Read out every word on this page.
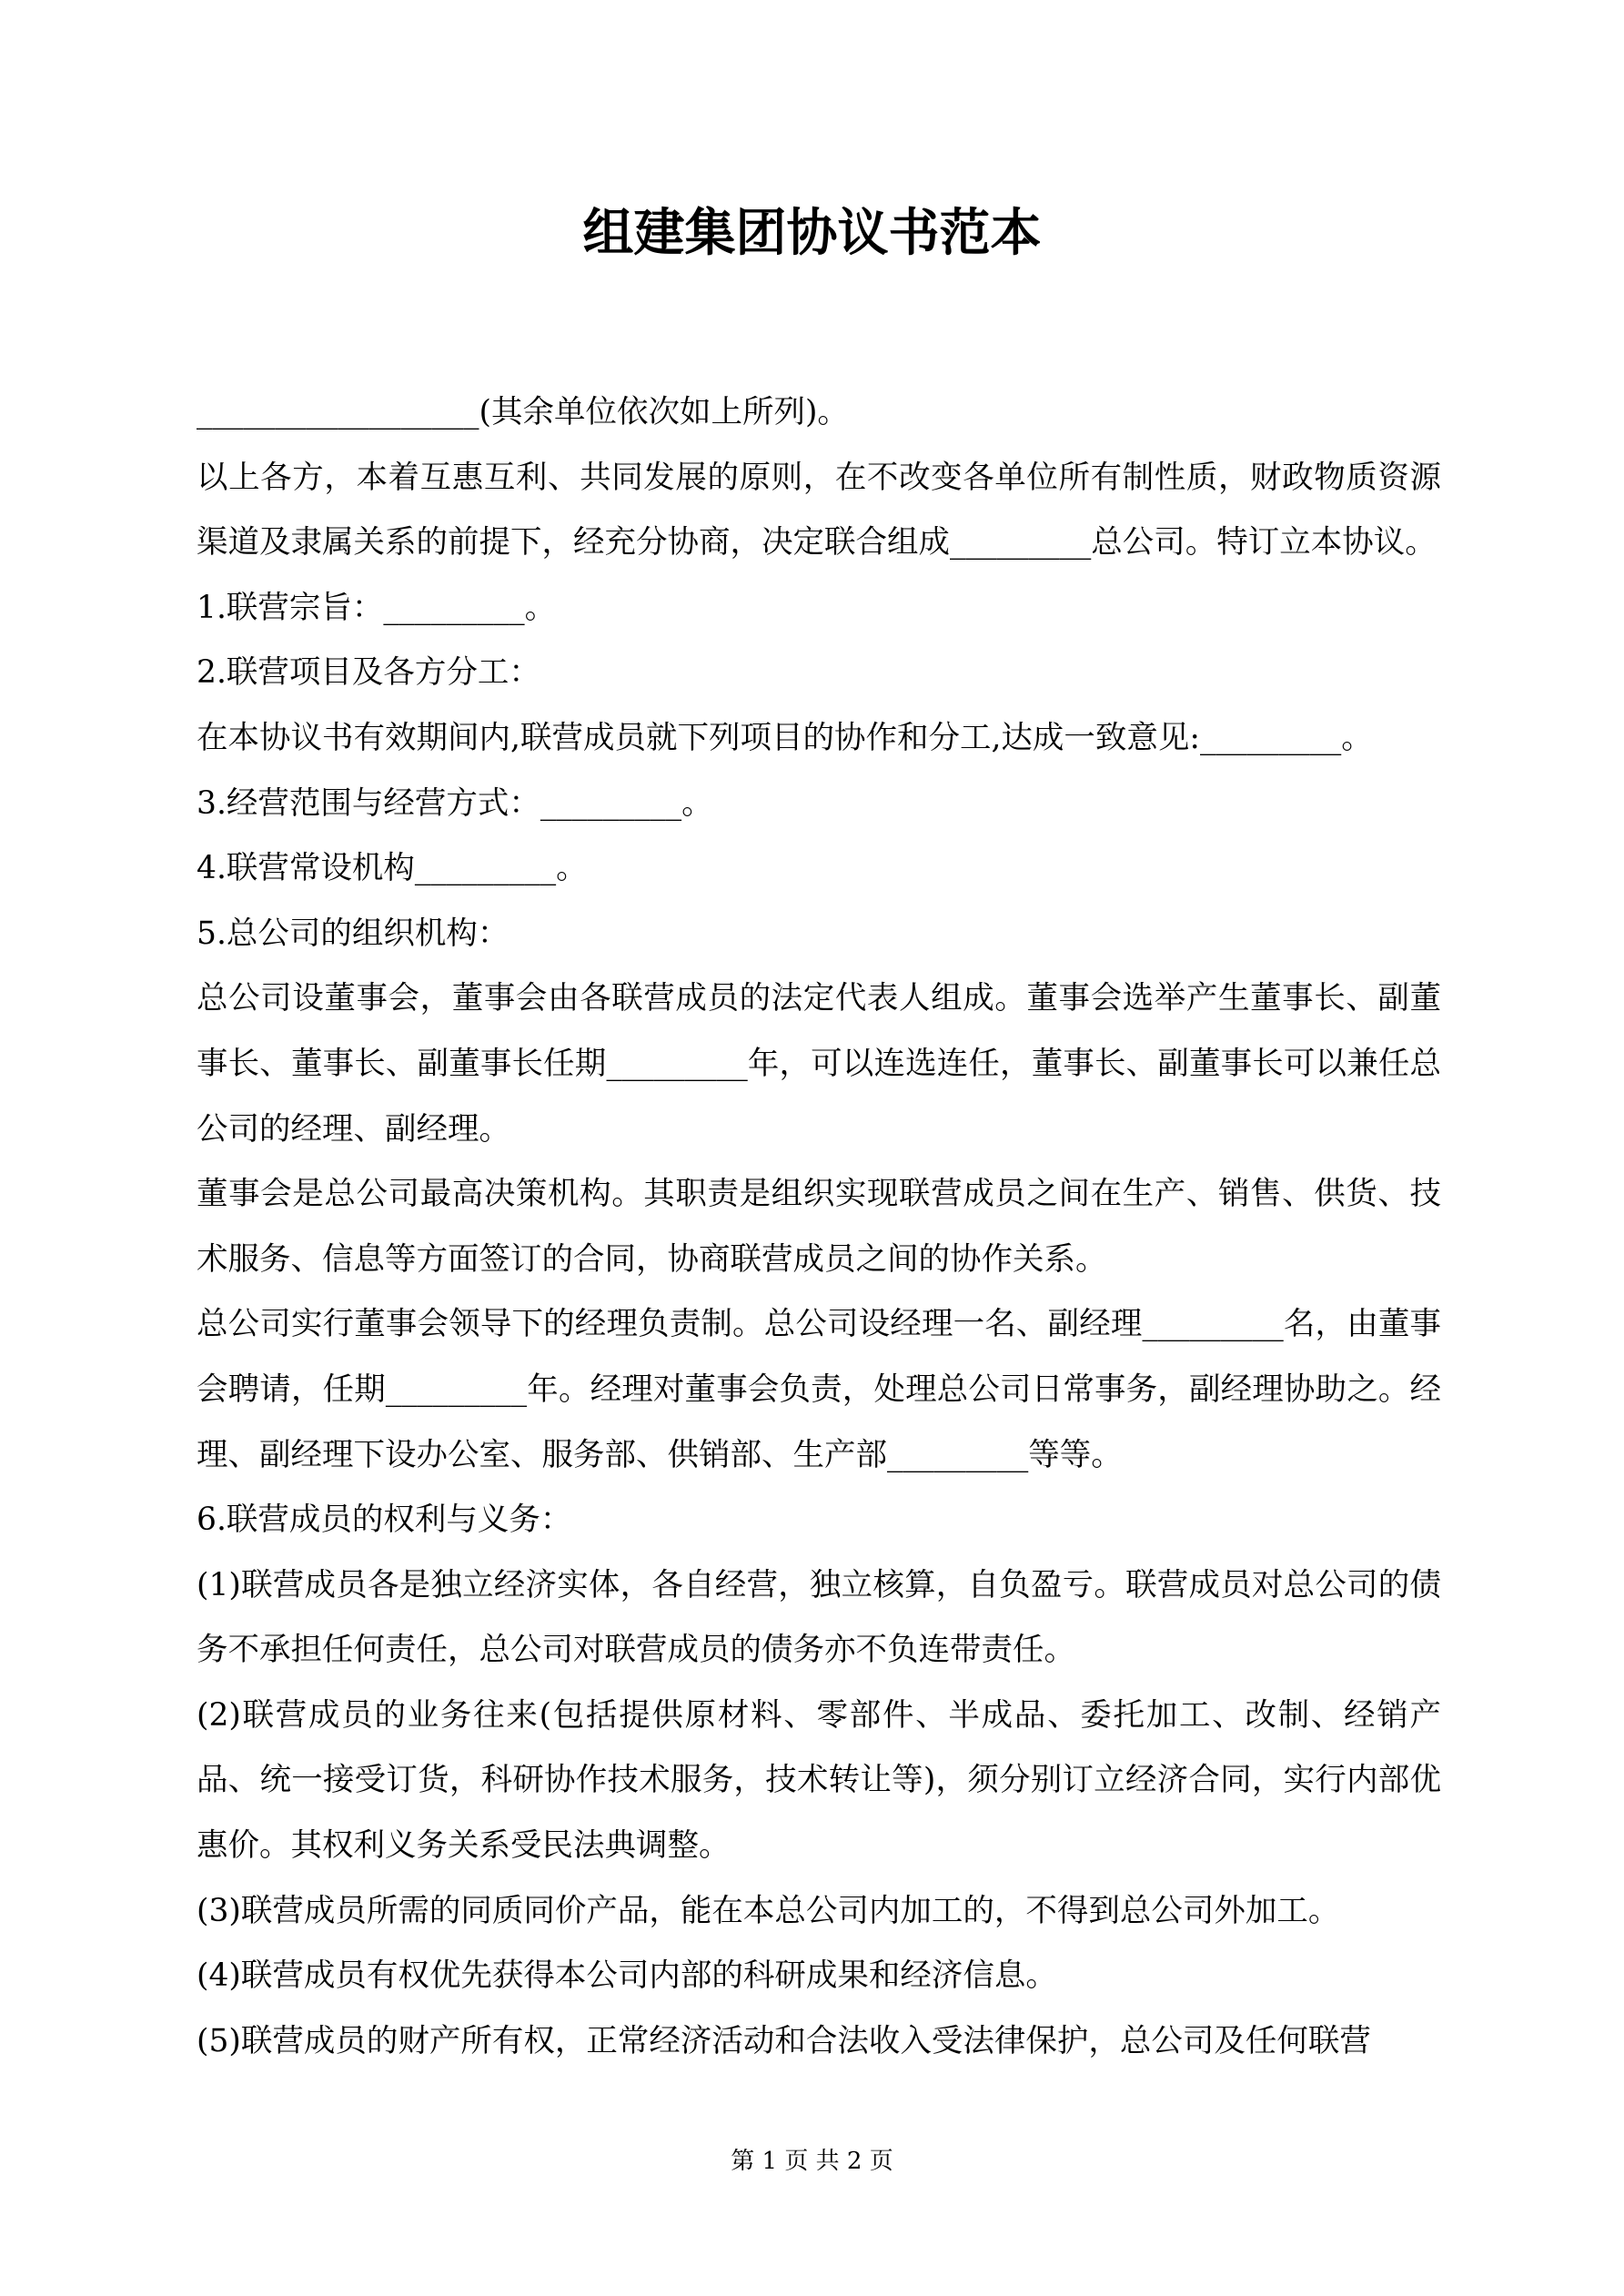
组建集团协议书范本

__________________(其余单位依次如上所列)。

以上各方，本着互惠互利、共同发展的原则，在不改变各单位所有制性质，财政物质资源渠道及隶属关系的前提下，经充分协商，决定联合组成_________总公司。特订立本协议。

1.联营宗旨：_________。

2.联营项目及各方分工：

在本协议书有效期间内,联营成员就下列项目的协作和分工,达成一致意见:_________。

3.经营范围与经营方式：_________。

4.联营常设机构_________。

5.总公司的组织机构：

总公司设董事会，董事会由各联营成员的法定代表人组成。董事会选举产生董事长、副董事长、董事长、副董事长任期_________年，可以连选连任，董事长、副董事长可以兼任总公司的经理、副经理。

董事会是总公司最高决策机构。其职责是组织实现联营成员之间在生产、销售、供货、技术服务、信息等方面签订的合同，协商联营成员之间的协作关系。

总公司实行董事会领导下的经理负责制。总公司设经理一名、副经理_________名，由董事会聘请，任期_________年。经理对董事会负责，处理总公司日常事务，副经理协助之。经理、副经理下设办公室、服务部、供销部、生产部_________等等。

6.联营成员的权利与义务：

(1)联营成员各是独立经济实体，各自经营，独立核算，自负盈亏。联营成员对总公司的债务不承担任何责任，总公司对联营成员的债务亦不负连带责任。

(2)联营成员的业务往来(包括提供原材料、零部件、半成品、委托加工、改制、经销产品、统一接受订货，科研协作技术服务，技术转让等)，须分别订立经济合同，实行内部优惠价。其权利义务关系受民法典调整。

(3)联营成员所需的同质同价产品，能在本总公司内加工的，不得到总公司外加工。

(4)联营成员有权优先获得本公司内部的科研成果和经济信息。

(5)联营成员的财产所有权，正常经济活动和合法收入受法律保护，总公司及任何联营

第 1 页 共 2 页
